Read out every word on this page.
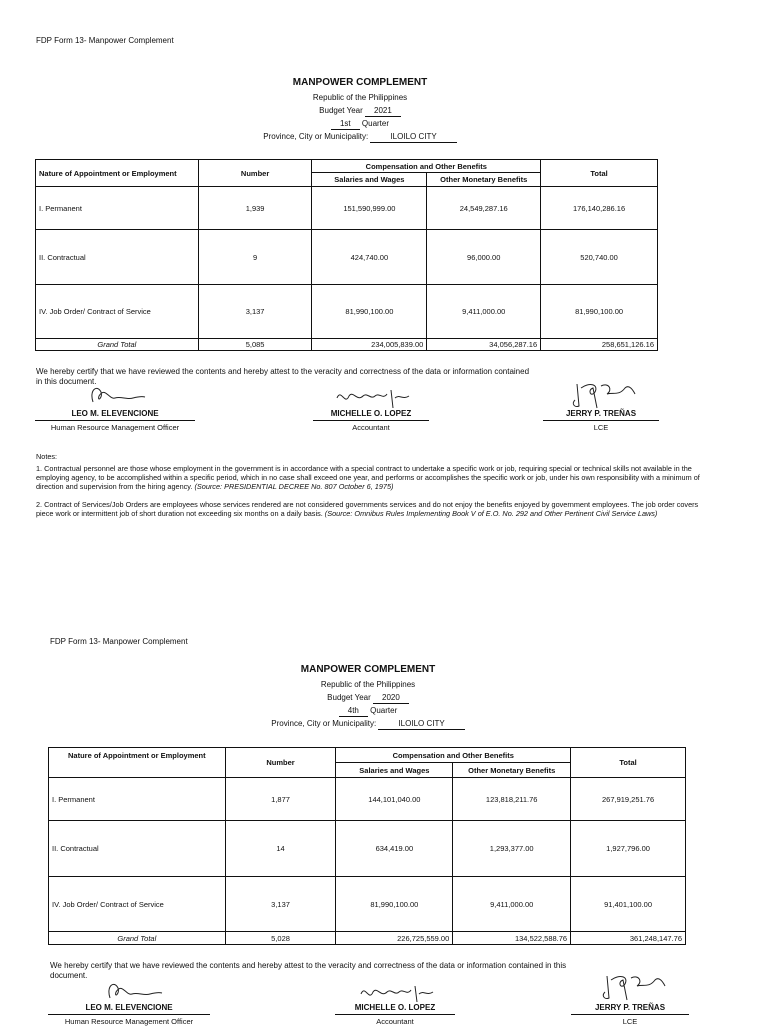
FDP Form 13- Manpower Complement
MANPOWER COMPLEMENT
Republic of the Philippines
Budget Year 2021
1st Quarter
Province, City or Municipality:	ILOILO CITY
Nature of Appointment or Employment	Number	Compensation and Other Benefits		Total
		Salaries and Wages	Other Monetary Benefits	
I. Permanent	1,939	151,590,999.00	24,549,287.16	176,140,286.16
II. Contractual	9	424,740.00	96,000.00	520,740.00
IV. Job Order/ Contract of Service	3,137	81,990,100.00	9,411,000.00	81,990,100.00
Grand Total	5,085	234,005,839.00	34,056,287.16	258,651,126.16
We hereby certify that we have reviewed the contents and hereby attest to the veracity and correctness of the data or information contained in this document.
LEO M. ELEVENCIONE
Human Resource Management Officer
MICHELLE O. LOPEZ
Accountant
JERRY P. TREÑAS
LCE

Notes:

1. Contractual personnel are those whose employment in the government is in accordance with a special contract to undertake a specific work or job, requiring special or technical skills not available in the employing agency, to be accomplished within a specific period, which in no case shall exceed one year, and performs or accomplishes the specific work or job, under his own responsibility with a minimum of direction and supervision from the hiring agency. (Source: PRESIDENTIAL DECREE No. 807 October 6, 1975)

2. Contract of Services/Job Orders are employees whose services rendered are not considered governments services and do not enjoy the benefits enjoyed by government employees. The job order covers piece work or intermittent job of short duration not exceeding six months on a daily basis. (Source: Omnibus Rules Implementing Book V of E.O. No. 292 and Other Pertinent Civil Service Laws)

FDP Form 13- Manpower Complement
MANPOWER COMPLEMENT
Republic of the Philippines
Budget Year 2020
4th Quarter
Province, City or Municipality:	ILOILO CITY
Nature of Appointment or Employment	Number	Compensation and Other Benefits		Total
		Salaries and Wages	Other Monetary Benefits	
I. Permanent	1,877	144,101,040.00	123,818,211.76	267,919,251.76
II. Contractual	14	634,419.00	1,293,377.00	1,927,796.00
IV. Job Order/ Contract of Service	3,137	81,990,100.00	9,411,000.00	91,401,100.00
Grand Total	5,028	226,725,559.00	134,522,588.76	361,248,147.76
We hereby certify that we have reviewed the contents and hereby attest to the veracity and correctness of the data or information contained in this document.
LEO M. ELEVENCIONE
Human Resource Management Officer
MICHELLE O. LOPEZ
Accountant
JERRY P. TREÑAS
LCE
